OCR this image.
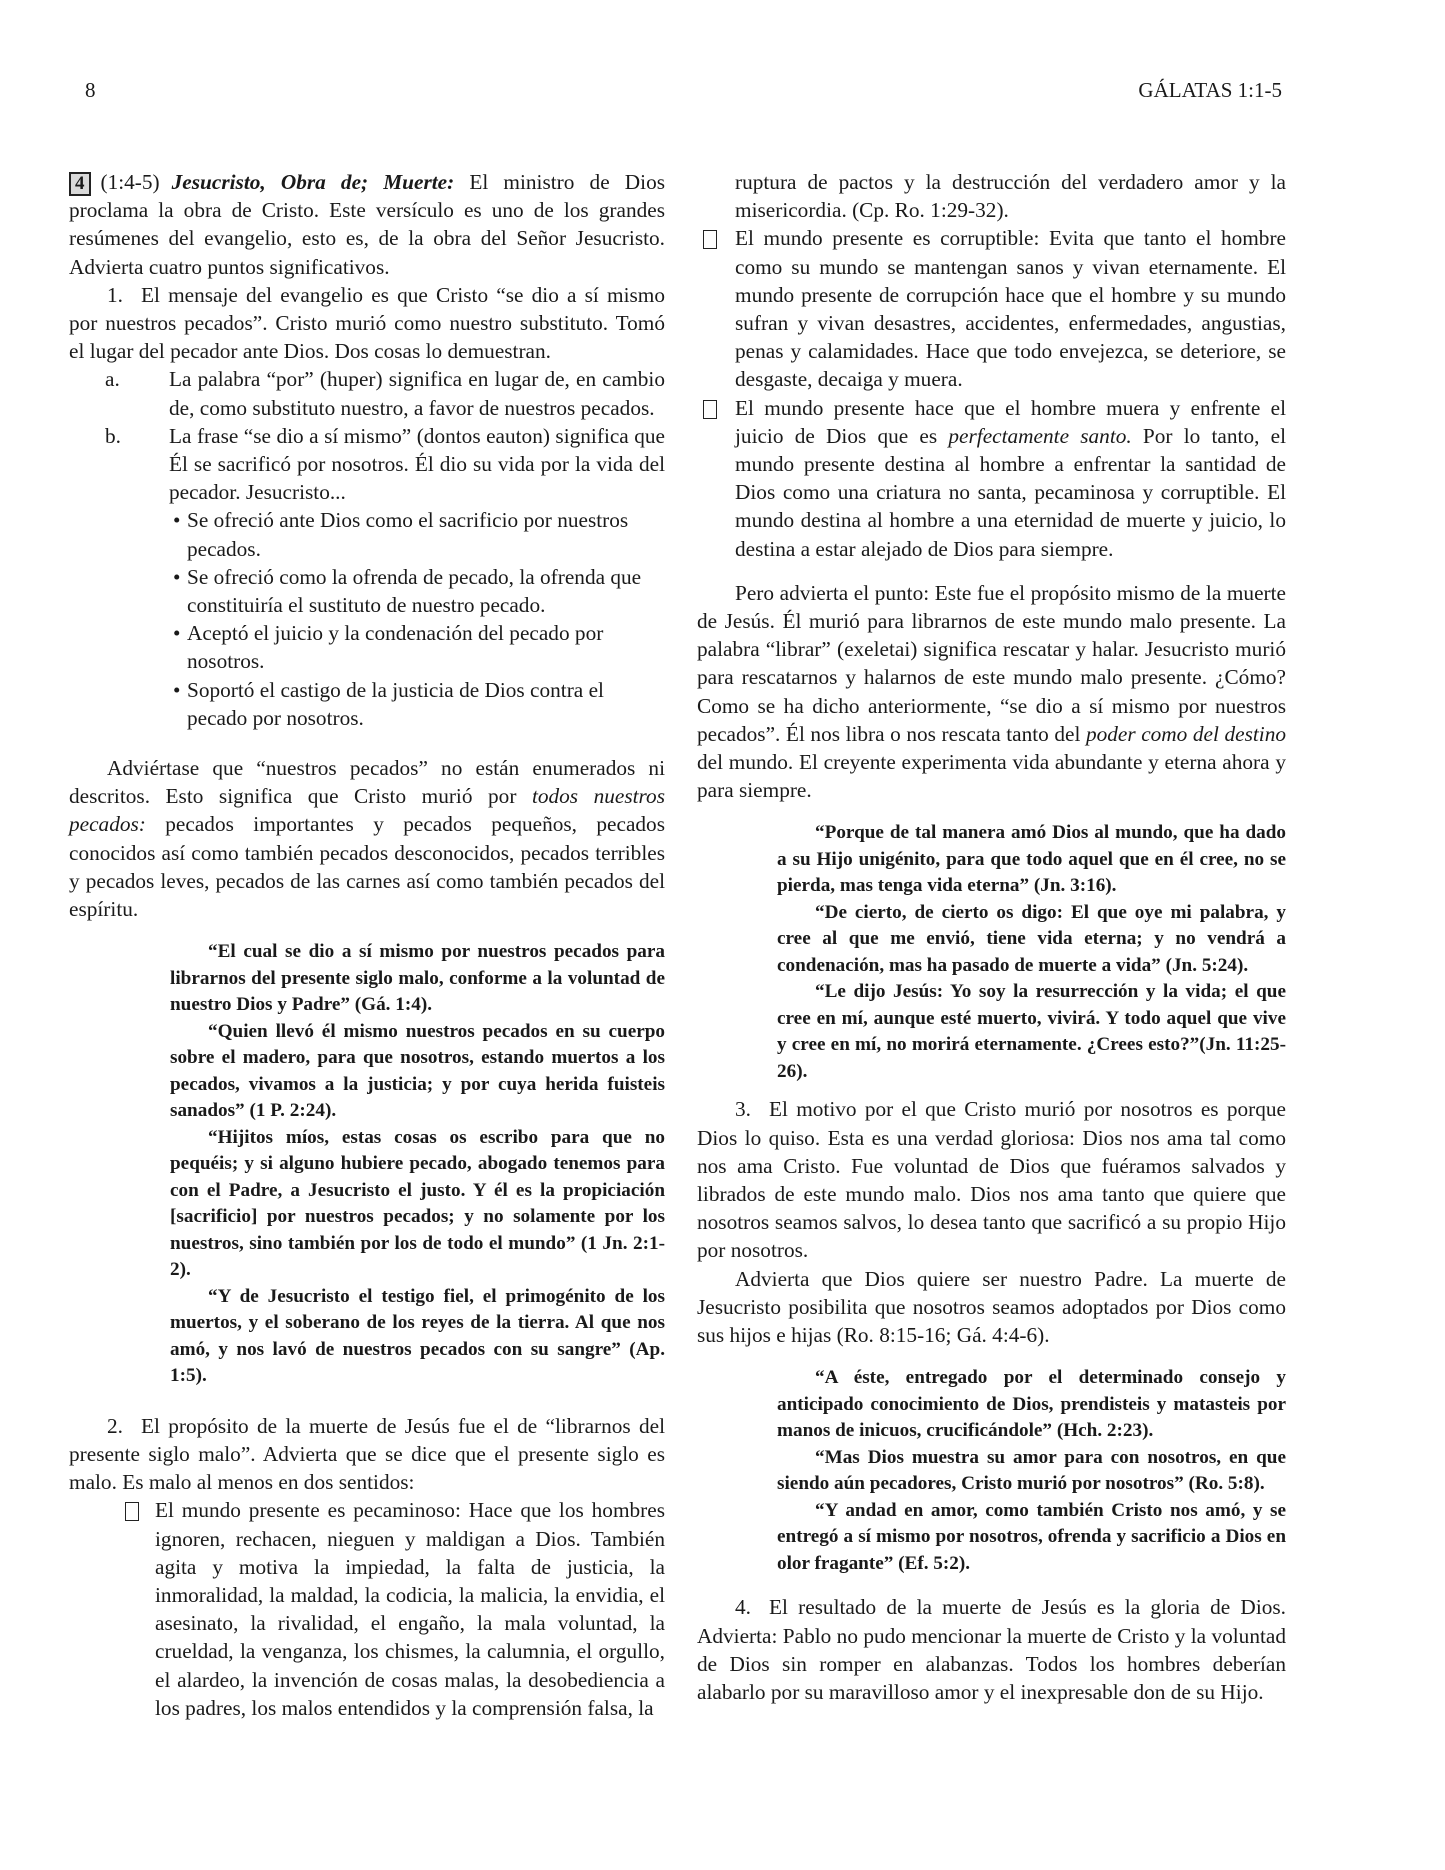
8	GÁLATAS 1:1-5

4 (1:4-5) Jesucristo, Obra de; Muerte: El ministro de Dios proclama la obra de Cristo. Este versículo es uno de los grandes resúmenes del evangelio, esto es, de la obra del Señor Jesucristo. Advierta cuatro puntos significativos.

1. El mensaje del evangelio es que Cristo “se dio a sí mismo por nuestros pecados”. Cristo murió como nuestro substituto. Tomó el lugar del pecador ante Dios. Dos cosas lo demuestran.

a. La palabra “por” (huper) significa en lugar de, en cambio de, como substituto nuestro, a favor de nuestros pecados.

b. La frase “se dio a sí mismo” (dontos eauton) significa que Él se sacrificó por nosotros. Él dio su vida por la vida del pecador. Jesucristo...

• Se ofreció ante Dios como el sacrificio por nuestros pecados.

• Se ofreció como la ofrenda de pecado, la ofrenda que constituiría el sustituto de nuestro pecado.

• Aceptó el juicio y la condenación del pecado por nosotros.

• Soportó el castigo de la justicia de Dios contra el pecado por nosotros.

Adviértase que “nuestros pecados” no están enumerados ni descritos. Esto significa que Cristo murió por todos nuestros pecados: pecados importantes y pecados pequeños, pecados conocidos así como también pecados desconocidos, pecados terribles y pecados leves, pecados de las carnes así como también pecados del espíritu.

“El cual se dio a sí mismo por nuestros pecados para librarnos del presente siglo malo, conforme a la voluntad de nuestro Dios y Padre” (Gá. 1:4).

“Quien llevó él mismo nuestros pecados en su cuerpo sobre el madero, para que nosotros, estando muertos a los pecados, vivamos a la justicia; y por cuya herida fuisteis sanados” (1 P. 2:24).

“Hijitos míos, estas cosas os escribo para que no pequéis; y si alguno hubiere pecado, abogado tenemos para con el Padre, a Jesucristo el justo. Y él es la propiciación [sacrificio] por nuestros pecados; y no solamente por los nuestros, sino también por los de todo el mundo” (1 Jn. 2:1-2).

“Y de Jesucristo el testigo fiel, el primogénito de los muertos, y el soberano de los reyes de la tierra. Al que nos amó, y nos lavó de nuestros pecados con su sangre” (Ap. 1:5).

2. El propósito de la muerte de Jesús fue el de “librarnos del presente siglo malo”. Advierta que se dice que el presente siglo es malo. Es malo al menos en dos sentidos:

El mundo presente es pecaminoso: Hace que los hombres ignoren, rechacen, nieguen y maldigan a Dios. También agita y motiva la impiedad, la falta de justicia, la inmoralidad, la maldad, la codicia, la malicia, la envidia, el asesinato, la rivalidad, el engaño, la mala voluntad, la crueldad, la venganza, los chismes, la calumnia, el orgullo, el alardeo, la invención de cosas malas, la desobediencia a los padres, los malos entendidos y la comprensión falsa, la

ruptura de pactos y la destrucción del verdadero amor y la misericordia. (Cp. Ro. 1:29-32).

El mundo presente es corruptible: Evita que tanto el hombre como su mundo se mantengan sanos y vivan eternamente. El mundo presente de corrupción hace que el hombre y su mundo sufran y vivan desastres, accidentes, enfermedades, angustias, penas y calamidades. Hace que todo envejezca, se deteriore, se desgaste, decaiga y muera.

El mundo presente hace que el hombre muera y enfrente el juicio de Dios que es perfectamente santo. Por lo tanto, el mundo presente destina al hombre a enfrentar la santidad de Dios como una criatura no santa, pecaminosa y corruptible. El mundo destina al hombre a una eternidad de muerte y juicio, lo destina a estar alejado de Dios para siempre.

Pero advierta el punto: Este fue el propósito mismo de la muerte de Jesús. Él murió para librarnos de este mundo malo presente. La palabra “librar” (exeletai) significa rescatar y halar. Jesucristo murió para rescatarnos y halarnos de este mundo malo presente. ¿Cómo? Como se ha dicho anteriormente, “se dio a sí mismo por nuestros pecados”. Él nos libra o nos rescata tanto del poder como del destino del mundo. El creyente experimenta vida abundante y eterna ahora y para siempre.

“Porque de tal manera amó Dios al mundo, que ha dado a su Hijo unigénito, para que todo aquel que en él cree, no se pierda, mas tenga vida eterna” (Jn. 3:16).

“De cierto, de cierto os digo: El que oye mi palabra, y cree al que me envió, tiene vida eterna; y no vendrá a condenación, mas ha pasado de muerte a vida” (Jn. 5:24).

“Le dijo Jesús: Yo soy la resurrección y la vida; el que cree en mí, aunque esté muerto, vivirá. Y todo aquel que vive y cree en mí, no morirá eternamente. ¿Crees esto?”(Jn. 11:25-26).

3. El motivo por el que Cristo murió por nosotros es porque Dios lo quiso. Esta es una verdad gloriosa: Dios nos ama tal como nos ama Cristo. Fue voluntad de Dios que fuéramos salvados y librados de este mundo malo. Dios nos ama tanto que quiere que nosotros seamos salvos, lo desea tanto que sacrificó a su propio Hijo por nosotros.

Advierta que Dios quiere ser nuestro Padre. La muerte de Jesucristo posibilita que nosotros seamos adoptados por Dios como sus hijos e hijas (Ro. 8:15-16; Gá. 4:4-6).

“A éste, entregado por el determinado consejo y anticipado conocimiento de Dios, prendisteis y matasteis por manos de inicuos, crucificándole” (Hch. 2:23).

“Mas Dios muestra su amor para con nosotros, en que siendo aún pecadores, Cristo murió por nosotros” (Ro. 5:8).

“Y andad en amor, como también Cristo nos amó, y se entregó a sí mismo por nosotros, ofrenda y sacrificio a Dios en olor fragante” (Ef. 5:2).

4. El resultado de la muerte de Jesús es la gloria de Dios. Advierta: Pablo no pudo mencionar la muerte de Cristo y la voluntad de Dios sin romper en alabanzas. Todos los hombres deberían alabarlo por su maravilloso amor y el inexpresable don de su Hijo.
